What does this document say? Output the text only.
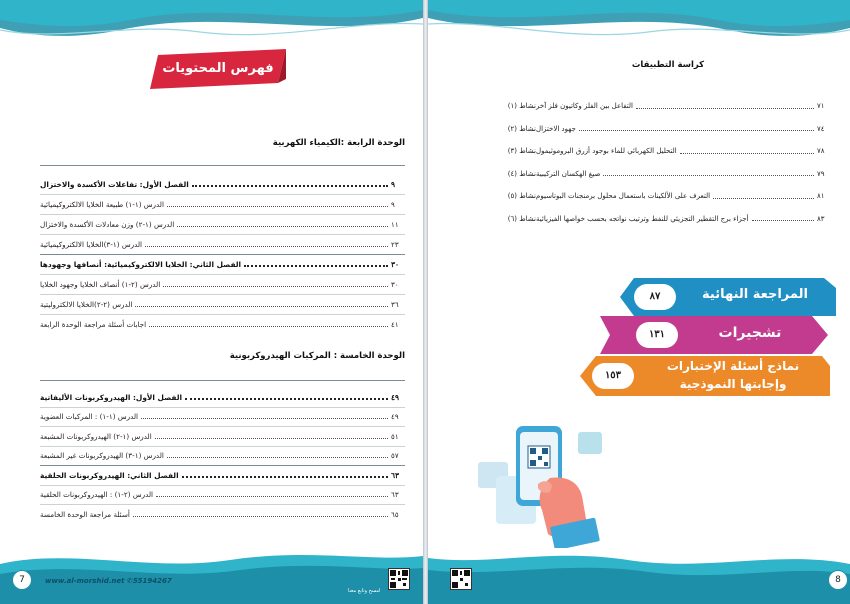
فهرس المحتويات
الوحدة الرابعة :الكيمياء الكهربية
الفصل الأول: تفاعلات الأكسدة والاختزال	٩
الدرس (١-١) طبيعة الخلايا الالكتروكيميائية	٩
الدرس (١-٢) وزن معادلات الأكسدة والاختزال	١١
الدرس (١-٣)الخلايا الالكتروكيميائية	٢٣
الفصل الثاني: الخلايا الالكتروكيميائية: أنصافها وجهودها	٣٠
الدرس (٢-١) أنصاف الخلايا وجهود الخلايا	٣٠
الدرس (٢-٢)الخلايا الالكتروليتية	٣٦
اجابات أسئلة مراجعة الوحدة الرابعة	٤١
الوحدة الخامسة : المركبات الهيدروكربونية
الفصل الأول: الهيدروكربونات الأليفاتية	٤٩
الدرس (١-١) : المركبات العضوية	٤٩
الدرس (١-٢) الهيدروكربونات المشبعة	٥١
الدرس (١-٣) الهيدروكربونات غير المشبعة	٥٧
الفصل الثاني: الهيدروكربونات الحلقية	٦٣
الدرس (٢-١) : الهيدروكربونات الحلقية	٦٣
أسئلة مراجعة الوحدة الخامسة	٦٥
7	www.al-morshid.net ✆55194267
امسح وتابع معنا
كراسة التطبيقات
نشاط (١) التفاعل بين الفلز وكاتيون فلز آخر	٧١
نشاط (٢) جهود الاختزال	٧٤
نشاط (٣) التحليل الكهربائي للماء بوجود أزرق البروموثيمول	٧٨
نشاط (٤) صيغ الهكسان التركيبية	٧٩
نشاط (٥) التعرف على الألكينات باستعمال محلول برمنجنات البوتاسيوم	٨١
نشاط (٦) أجزاء برج التقطير التجزيئي للنفط وترتيب نواتجه بحسب خواصها الفيزيائية	٨٣
٨٧	المراجعة النهائية
١٣١	تشجيرات
١٥٣
نماذج أسئلة الإختبارات
وإجابتها النموذجية
8
